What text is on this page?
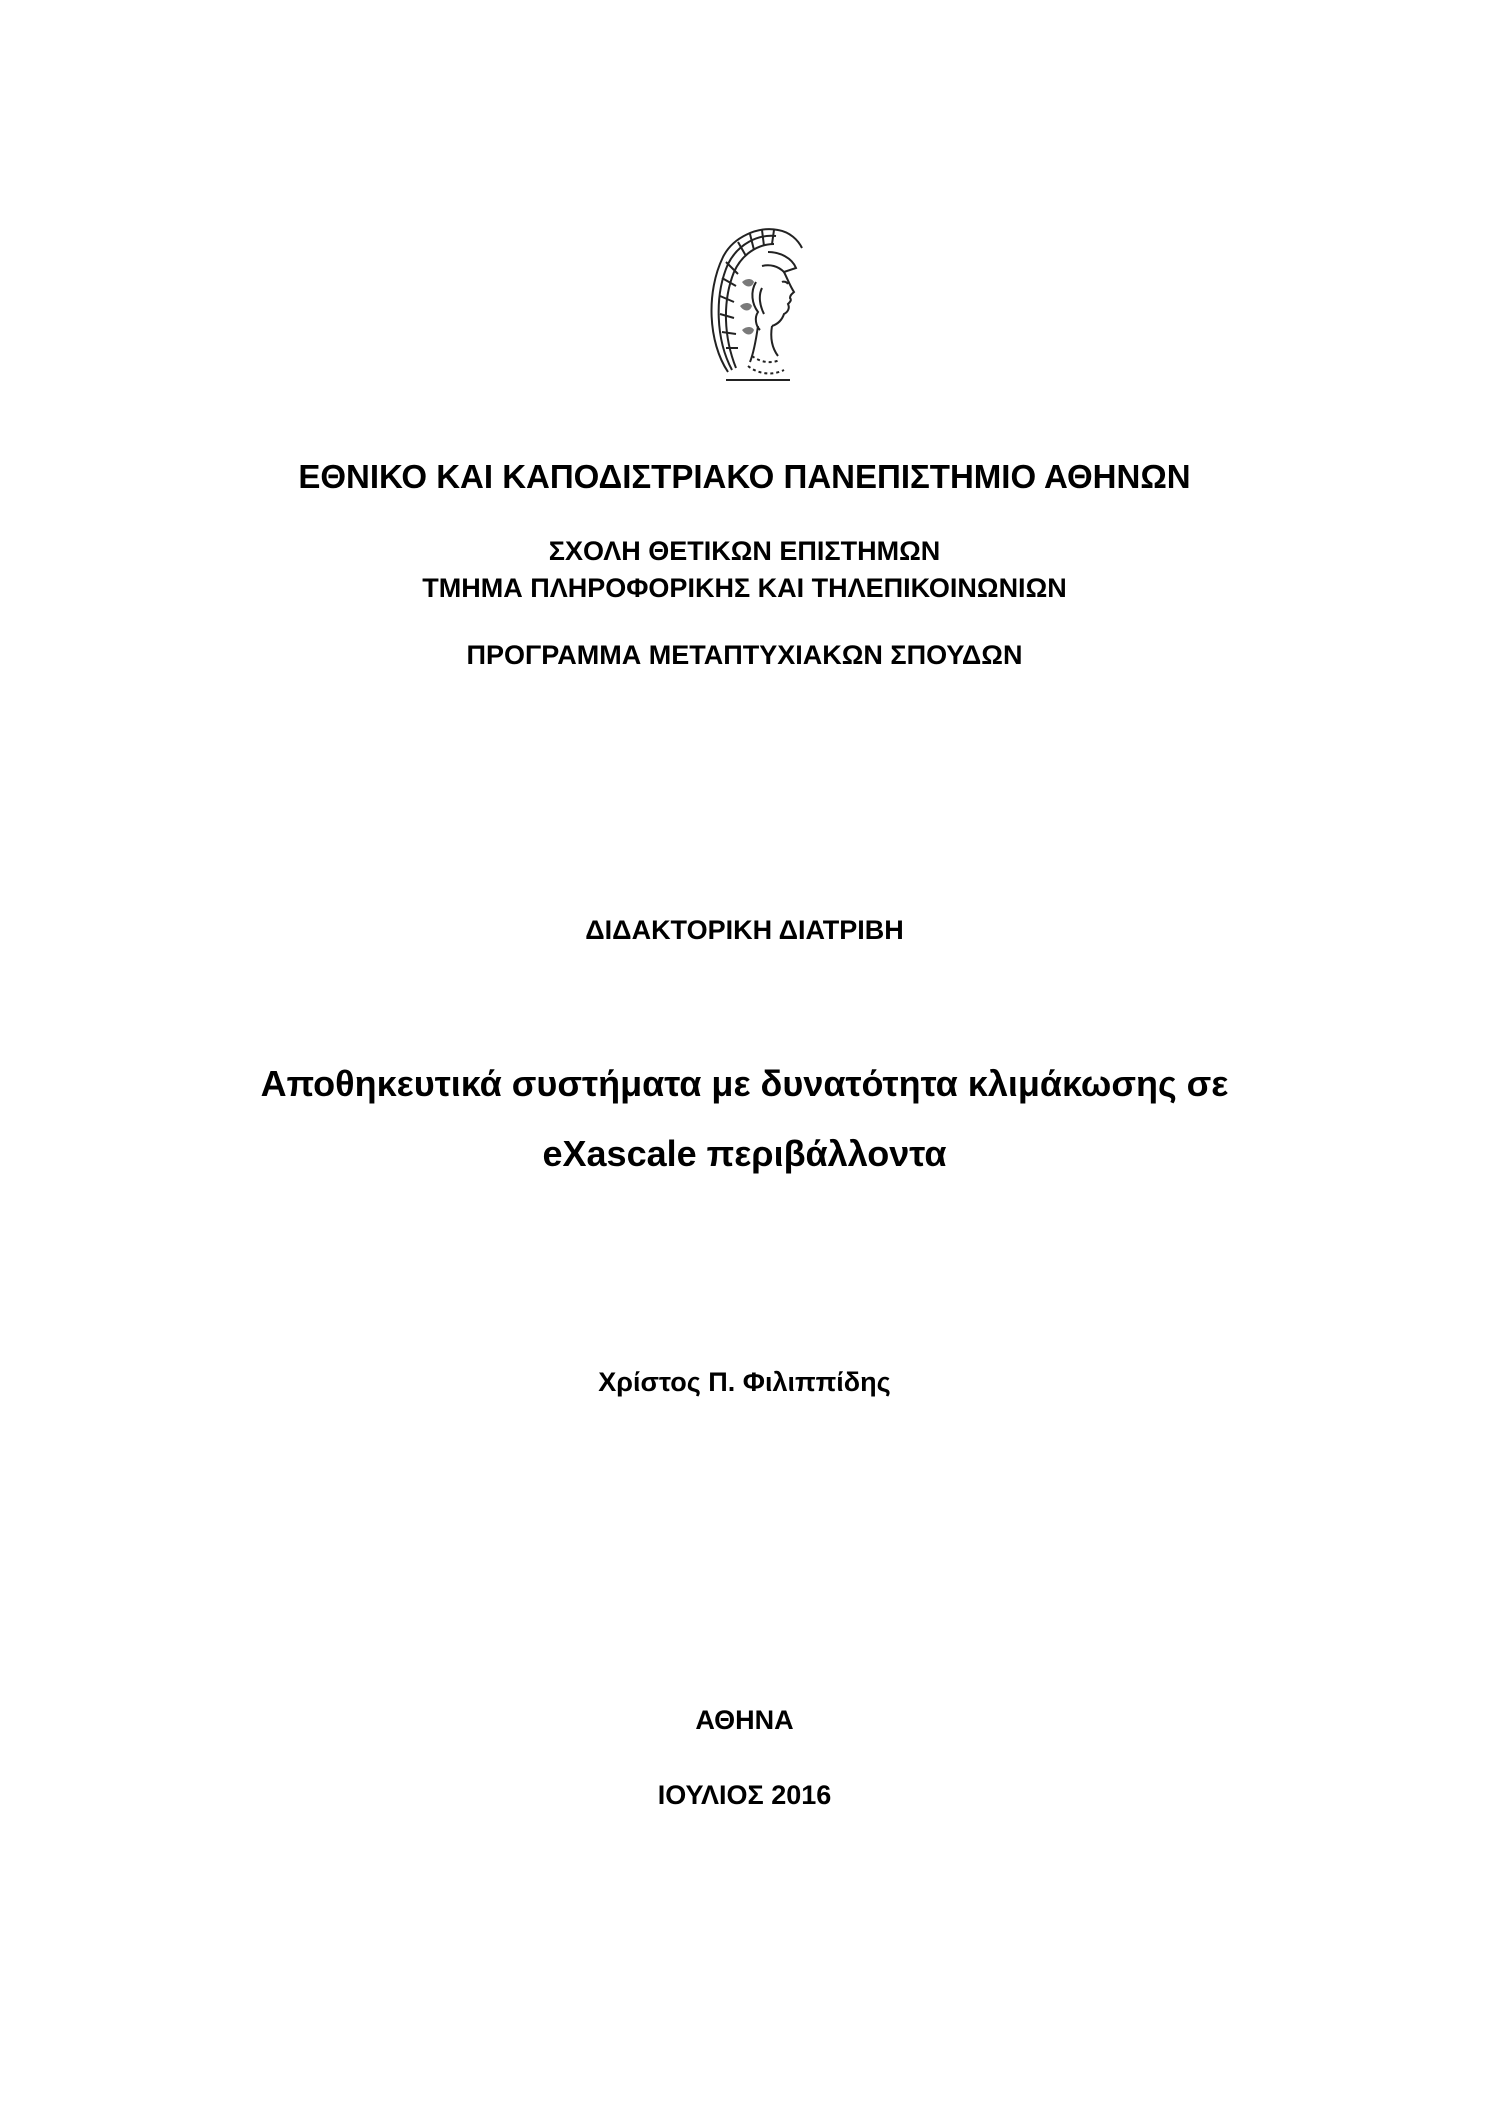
ΕΘΝΙΚΟ ΚΑΙ ΚΑΠΟΔΙΣΤΡΙΑΚΟ ΠΑΝΕΠΙΣΤΗΜΙΟ ΑΘΗΝΩΝ
ΣΧΟΛΗ ΘΕΤΙΚΩΝ ΕΠΙΣΤΗΜΩΝ
ΤΜΗΜΑ ΠΛΗΡΟΦΟΡΙΚΗΣ ΚΑΙ ΤΗΛΕΠΙΚΟΙΝΩΝΙΩΝ
ΠΡΟΓΡΑΜΜΑ ΜΕΤΑΠΤΥΧΙΑΚΩΝ ΣΠΟΥΔΩΝ
ΔΙΔΑΚΤΟΡΙΚΗ ΔΙΑΤΡΙΒΗ
Αποθηκευτικά συστήματα με δυνατότητα κλιμάκωσης σε
eXascale περιβάλλοντα
Χρίστος Π. Φιλιππίδης
ΑΘΗΝΑ
ΙΟΥΛΙΟΣ 2016
